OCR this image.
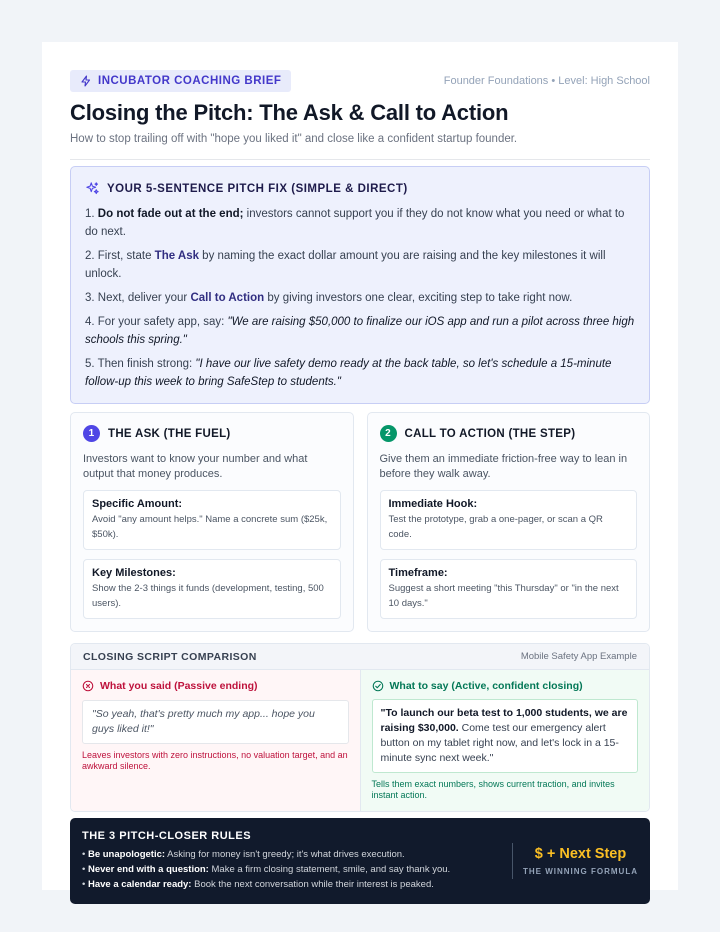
INCUBATOR COACHING BRIEF	Founder Foundations • Level: High School
Closing the Pitch: The Ask & Call to Action

How to stop trailing off with "hope you liked it" and close like a confident startup founder.

YOUR 5-SENTENCE PITCH FIX (SIMPLE & DIRECT)
1. Do not fade out at the end; investors cannot support you if they do not know what you need or what to do next.
2. First, state The Ask by naming the exact dollar amount you are raising and the key milestones it will unlock.
3. Next, deliver your Call to Action by giving investors one clear, exciting step to take right now.
4. For your safety app, say: "We are raising $50,000 to finalize our iOS app and run a pilot across three high schools this spring."
5. Then finish strong: "I have our live safety demo ready at the back table, so let's schedule a 15-minute follow-up this week to bring SafeStep to students."
1	THE ASK (THE FUEL)

Investors want to know your number and what output that money produces.

Specific Amount:
Avoid "any amount helps." Name a concrete sum ($25k, $50k).
Key Milestones:
Show the 2-3 things it funds (development, testing, 500 users).
2	CALL TO ACTION (THE STEP)

Give them an immediate friction-free way to lean in before they walk away.

Immediate Hook:
Test the prototype, grab a one-pager, or scan a QR code.
Timeframe:
Suggest a short meeting "this Thursday" or "in the next 10 days."
CLOSING SCRIPT COMPARISON	Mobile Safety App Example
What you said (Passive ending)
"So yeah, that's pretty much my app... hope you guys liked it!"

Leaves investors with zero instructions, no valuation target, and an awkward silence.

What to say (Active, confident closing)
"To launch our beta test to 1,000 students, we are raising $30,000. Come test our emergency alert button on my tablet right now, and let's lock in a 15-minute sync next week."

Tells them exact numbers, shows current traction, and invites instant action.

THE 3 PITCH-CLOSER RULES
• Be unapologetic: Asking for money isn't greedy; it's what drives execution.
• Never end with a question: Make a firm closing statement, smile, and say thank you.
• Have a calendar ready: Book the next conversation while their interest is peaked.
$ + Next Step
THE WINNING FORMULA
